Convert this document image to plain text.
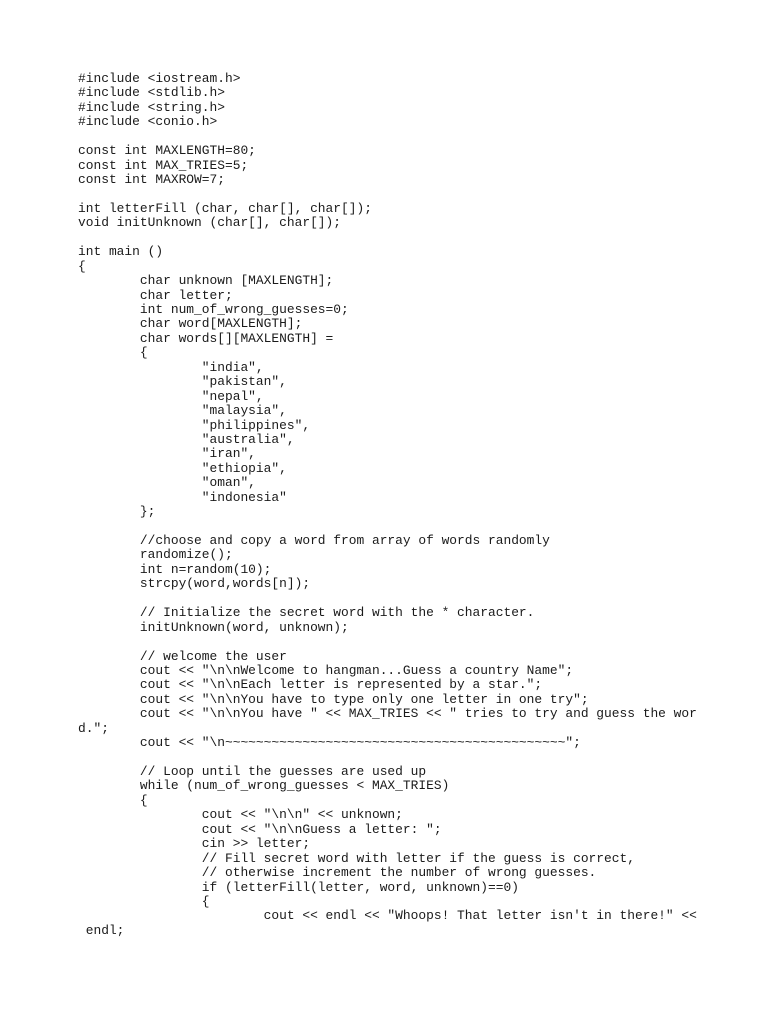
#include <iostream.h>
#include <stdlib.h>
#include <string.h>
#include <conio.h>
const int MAXLENGTH=80;
const int MAX_TRIES=5;
const int MAXROW=7;
int letterFill (char, char[], char[]);
void initUnknown (char[], char[]);
int main ()
{
char unknown [MAXLENGTH];
char letter;
int num_of_wrong_guesses=0;
char word[MAXLENGTH];
char words[][MAXLENGTH] =
{
"india",
"pakistan",
"nepal",
"malaysia",
"philippines",
"australia",
"iran",
"ethiopia",
"oman",
"indonesia"
};
//choose and copy a word from array of words randomly
randomize();
int n=random(10);
strcpy(word,words[n]);
// Initialize the secret word with the * character.
initUnknown(word, unknown);
// welcome the user
cout << "\n\nWelcome to hangman...Guess a country Name";
cout << "\n\nEach letter is represented by a star.";
cout << "\n\nYou have to type only one letter in one try";
cout << "\n\nYou have " << MAX_TRIES << " tries to try and guess the wor
d.";
cout << "\n~~~~~~~~~~~~~~~~~~~~~~~~~~~~~~~~~~~~~~~~~~~~";
// Loop until the guesses are used up
while (num_of_wrong_guesses < MAX_TRIES)
{
cout << "\n\n" << unknown;
cout << "\n\nGuess a letter: ";
cin >> letter;
// Fill secret word with letter if the guess is correct,
// otherwise increment the number of wrong guesses.
if (letterFill(letter, word, unknown)==0)
{
cout << endl << "Whoops! That letter isn't in there!" <<
endl;
